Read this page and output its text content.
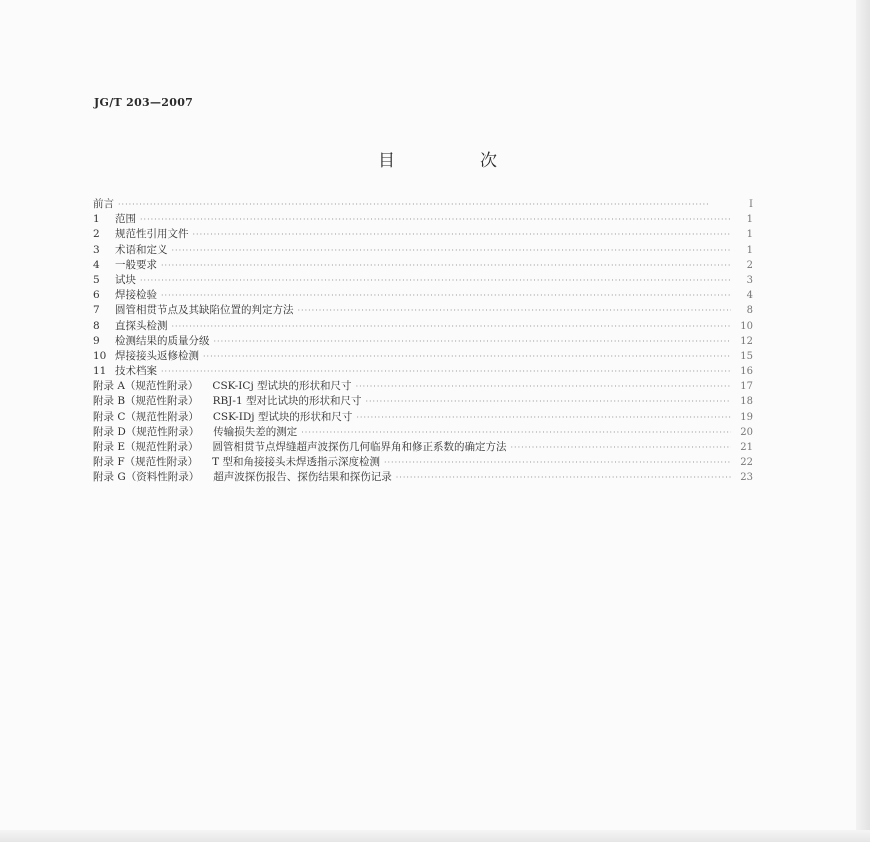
JG/T 203—2007
目　次
前言 ·····	Ⅰ
1	范围 ·····	1
2	规范性引用文件 ·····	1
3	术语和定义 ·····	1
4	一般要求 ·····	2
5	试块 ·····	3
6	焊接检验 ·····	4
7	圆管相贯节点及其缺陷位置的判定方法 ·····	8
8	直探头检测 ·····	10
9	检测结果的质量分级 ·····	12
10 焊接接头返修检测 ·····	15
11 技术档案 ·····	16
附录 A（规范性附录） CSK-ⅠCj 型试块的形状和尺寸 ·····	17
附录 B（规范性附录） RBJ-1 型对比试块的形状和尺寸 ·····	18
附录 C（规范性附录） CSK-ⅠDj 型试块的形状和尺寸 ·····	19
附录 D（规范性附录） 传输损失差的测定 ·····	20
附录 E（规范性附录） 圆管相贯节点焊缝超声波探伤几何临界角和修正系数的确定方法 ·····	21
附录 F（规范性附录） T 型和角接接头未焊透指示深度检测 ·····	22
附录 G（资料性附录） 超声波探伤报告、探伤结果和探伤记录 ·····	23
